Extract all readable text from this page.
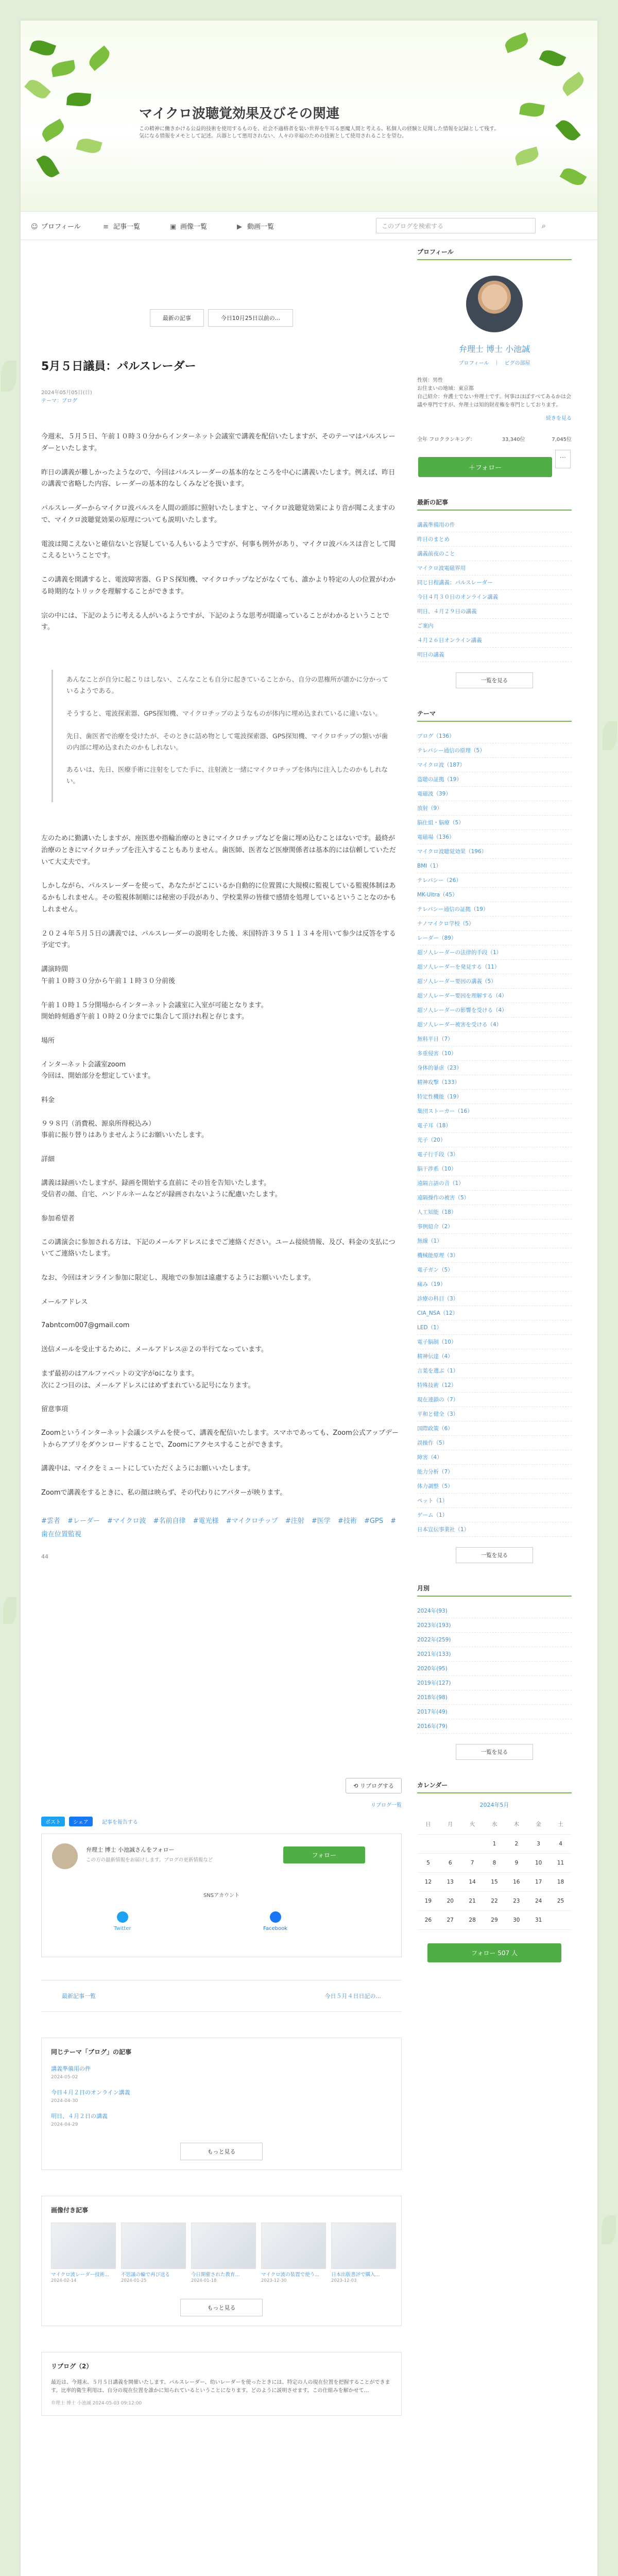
マイクロ波聴覚効果及びその関連
この精神に働きかける公益的技術を使用するものを、社会不適格者を装い世界を牛耳る悪魔人間と考える。私個人の経験と見聞した情報を記録として残す。気になる情報をメモとして記述。兵器として悪用されない、人々の幸福のための技術として使用されることを望む。
☺ プロフィール	≡ 記事一覧	▣ 画像一覧	▶ 動画一覧	このブログを検索する	⌕
最新の記事	今日10月25日以前の...
5月５日議員：パルスレーダー
2024年05月05日(日)
テーマ：ブログ

今週末、５月５日、午前１０時３０分からインターネット会議室で講義を配信いたしますが、そのテーマはパルスレーダーといたします。

昨日の講義が難しかったようなので、今回はパルスレーダーの基本的なところを中心に講義いたします。例えば、昨日の講義で省略した内容、レーダーの基本的なしくみなどを扱います。

パルスレーダーからマイクロ波パルスを人間の頭部に照射いたしますと、マイクロ波聴覚効果により音が聞こえますので、マイクロ波聴覚効果の原理についても説明いたします。

電波は聞こえないと確信ないと容疑している人もいるようですが、何事も例外があり、マイクロ波パルスは音として聞こえるということです。

この講義を開講すると、電波障害器、ＧＰＳ探知機、マイクロチップなどがなくても、誰かより特定の人の位置がわかる時期的なトリックを理解することができます。

宗の中には、下記のように考える人がいるようですが、下記のような思考が間違っていることがわかるということです。

あんなことが自分に起こりはしない、こんなことも自分に起きていることから、自分の思権所が誰かに分かっているようである。

そうすると、電波探索器、GPS探知機、マイクロチップのようなものが体内に埋め込まれているに違いない。

先日、歯医者で治療を受けたが、そのときに詰め物として電波探索器、GPS探知機、マイクロチップの類いが歯の内部に埋め込まれたのかもしれない。

あるいは、先日、医療手術に注射をしてた手に、注射液と一緒にマイクロチップを体内に注入したのかもしれない。

左のために勤講いたしますが、座医患や指輪治療のときにマイクロチップなどを歯に埋め込むことはないです。最終が治療のときにマイクロチップを注入することもありません。歯医師、医者など医療関係者は基本的には信頼していただいて大丈夫です。

しかしながら、パルスレーダーを使って、あなたがどこにいるか自動的に位置置に大規模に監視している監視体制はあるかもしれません。その監視体制順には秘密の手段があり、学校業界の皆様で感情を処理しているということなのかもしれません。

２０２４年５月５日の講義では、パルスレーダーの説明をした後、米国特許３９５１１３４を用いて参少は反答をする予定です。

講演時間
午前１０時３０分から午前１１時３０分前後

午前１０時１５分開場からインターネット会議室に入室が可能となります。
開始時刻過ぎ午前１０時２０分までに集合して頂けれ程と存じます。

場所

インターネット会議室zoom
今回は、開始部分を想定しています。

料金

９９８円（消費税、源泉所得税込み）
事前に振り替りはありませんようにお願いいたします。

詳細

講義は録画いたしますが、録画を開始する直前に その旨を告知いたします。
受信者の顔、自宅、ハンドルネームなどが録画されないように配慮いたします。

参加希望者

この講演会に参加される方は、下記のメールアドレスにまでご連絡ください。ユーム接続情報、及び、料金の支払についてご連絡いたします。

なお、今回はオンライン参加に限定し、現地での参加は遠慮するようにお願いいたします。

メールアドレス

7abntcom007@gmail.com

送信メールを受止するために、メールアドレス＠２の半行てなっています。

まず最初のはアルファベットの文字がoになります。
次に２つ目のは、メールアドレスにはめずまれている記号になります。

留意事項

Zoomというインターネット会議システムを使って、講義を配信いたします。スマホであっても、Zoom公式アップデートからアプリをダウンロードすることで、Zoomにアクセスすることができます。

講義中は、マイクをミュートにしていただくようにお願いいたします。

Zoomで講義をするときに、私の顔は映らず、その代わりにアバターが映ります。

#雲者 #レーダー #マイクロ波 #名前自律 #電光様 #マイクロチップ #注射 #医学 #技術 #GPS #歯在位置監視
44
⟲ リブログする
リブログ一覧
ポスト	シェア	記事を報告する
弁理士 博士 小池誠さんをフォロー
この方の最新情報をお届けします。ブログの更新情報など
フォロー
SNSアカウント
Twitter	Facebook
最新記事一覧	今日５月４日日記の...
同じテーマ「ブログ」の記事
講義準備用の件
2024-05-02
今日４月２日のオンライン講義
2024-04-30
明日、４月２日の講義
2024-04-29
もっと見る
画像付き記事
マイクロ波レーダー技術...
2024-02-14
不思議の輪で再び送る
2024-01-25
今日開催された教育...
2024-01-18
マイクロ波の装置で使う...
2023-12-30
日本出版書評で購入...
2023-12-03
もっと見る
リブログ（2）
最近は、今週末、５月５日講義を開催いたします。パルスレーダー、幼いレーダーを使ったときには、特定の人の現在位置を把握することができます。比率的衛生利用は、自分の現在位置を誰かに知られているということになります。どのように説明させます。この仕組みを解かせて…
弁理士 博士 小池誠 2024-05-03 09:12:00
プロフィール
弁理士 博士 小池誠
プロフィール　｜　ピグの部屋
性別：男性
お住まいの地域：東京都
自己紹介：弁護士でない弁理士です。何事はほぼすべてあるかは会議や専門ですが、弁理士は知的財産権を専門としております。
続きを見る
全年 フロクランキング：	33,340位	7,045位
＋フォロー⋯
最新の記事
講義準備用の件
昨日のまとめ
講義前夜のこと
マイクロ波電磁界用
同じ日程講義：パルスレーダー
今日４月３０日のオンライン講義
明日、４月２９日の講義
ご案内
４月２６日オンライン講義
明日の講義
一覧を見る
テーマ
ブログ（136）
テレパシー通信の原理（5）
マイクロ波（187）
盗聴の証拠（19）
電磁波（39）
放射（9）
脳仕組・脳療（5）
電磁場（136）
マイクロ波聴覚効果（196）
BMI（1）
テレパシー（26）
MK-Ultra（45）
テレパシー通信の証拠（19）
ナノマイクロ学校（5）
レーダー（89）
超ソ人レーダーの法律的手段（1）
超ソ人レーダーを発見する（11）
超ソ人レーダー要因の講義（5）
超ソ人レーダー要因を理解する（4）
超ソ人レーダーの影響を受ける（4）
超ソ人レーダー被害を受ける（4）
無料平日（7）
多重侵害（10）
身体的暴虐（23）
精神攻撃（133）
特定性機能（19）
集団ストーカー（16）
電子耳（18）
光子（20）
電子行手段（3）
脳干渉系（10）
遠隔言語の音（1）
遠隔操作の被害（5）
人工知能（18）
事例紹介（2）
無線（1）
機械能原理（3）
電子ガン（5）
痛み（19）
診療の科目（3）
CIA_NSA（12）
LED（1）
電子脳制（10）
精神伝達（4）
言葉を選ぶ（1）
特殊技術（12）
現在連鎖の（7）
平和と健全（3）
国際政策（6）
誤操作（5）
障害（4）
能力分析（7）
体力調整（5）
ペット（1）
ゲーム（1）
日本宣伝事業社（1）
一覧を見る
月別
2024年(93)
2023年(193)
2022年(259)
2021年(133)
2020年(95)
2019年(127)
2018年(98)
2017年(49)
2016年(79)
一覧を見る
カレンダー
2024年5月
日	月	火	水	木	金	土
			1	2	3	4
5	6	7	8	9	10	11
12	13	14	15	16	17	18
19	20	21	22	23	24	25
26	27	28	29	30	31	
フォロー 507 人
